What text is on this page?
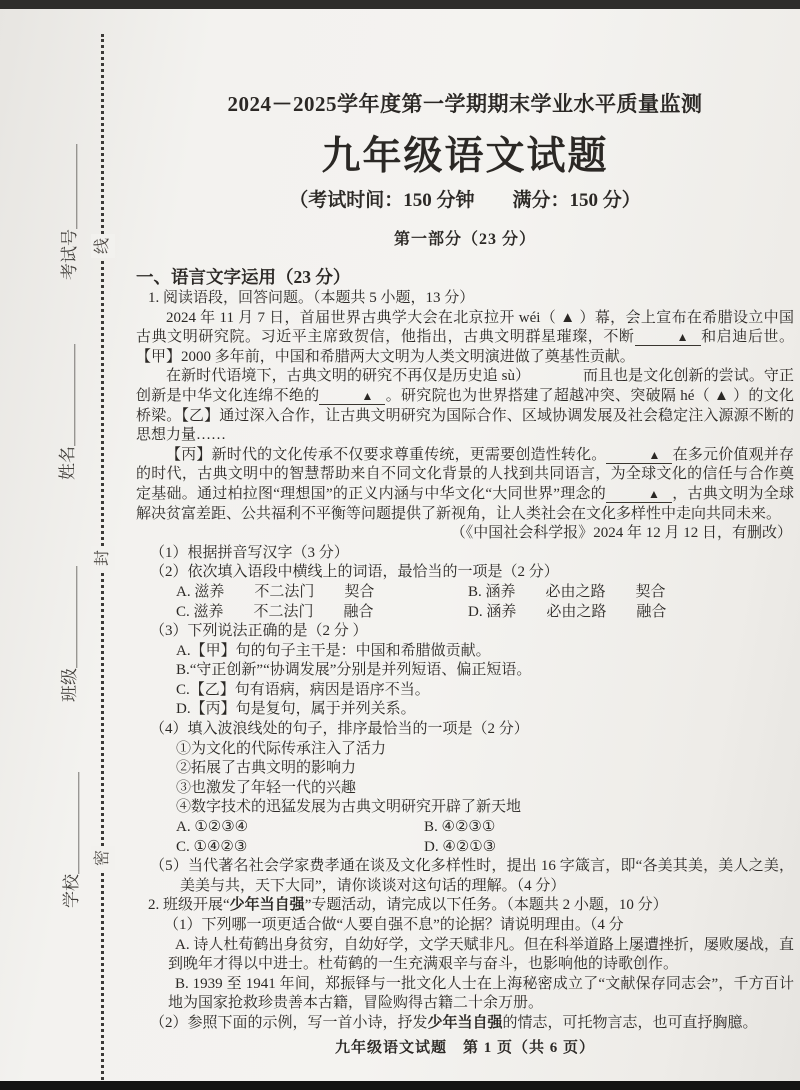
线
封
密
考试号＿＿＿＿＿
姓名＿＿＿＿＿＿
班级＿＿＿＿＿＿
学校＿＿＿＿＿＿

2024－2025学年度第一学期期末学业水平质量监测

九年级语文试题

（考试时间：150 分钟　　满分：150 分）

第一部分（23 分）

一、语言文字运用（23 分）

1. 阅读语段，回答问题。（本题共 5 小题，13 分）

2024 年 11 月 7 日，首届世界古典学大会在北京拉开 wéi（ ▲ ）幕，会上宣布在希腊设立中国古典文明研究院。习近平主席致贺信，他指出，古典文明群星璀璨，不断	▲ 和启迪后世。【甲】2000 多年前，中国和希腊两大文明为人类文明演进做了奠基性贡献。

在新时代语境下，古典文明的研究不再仅是历史追 sù）　　　　而且也是文化创新的尝试。守正创新是中华文化连绵不绝的	▲ 。研究院也为世界搭建了超越冲突、突破隔 hé（ ▲ ）的文化桥梁。【乙】通过深入合作，让古典文明研究为国际合作、区域协调发展及社会稳定注入源源不断的思想力量……

【丙】新时代的文化传承不仅要求尊重传统，更需要创造性转化。	▲ 在多元价值观并存的时代，古典文明中的智慧帮助来自不同文化背景的人找到共同语言，为全球文化的信任与合作奠定基础。通过柏拉图“理想国”的正义内涵与中华文化“大同世界”理念的	▲ ，古典文明为全球解决贫富差距、公共福利不平衡等问题提供了新视角，让人类社会在文化多样性中走向共同未来。

（《中国社会科学报》2024 年 12 月 12 日，有删改）

（1）根据拼音写汉字（3 分）

（2）依次填入语段中横线上的词语，最恰当的一项是（2 分）

A. 滋养　　不二法门　　契合	B. 涵养　　必由之路　　契合
C. 滋养　　不二法门　　融合	D. 涵养　　必由之路　　融合

（3）下列说法正确的是（2 分 ）

A.【甲】句的句子主干是：中国和希腊做贡献。

B.“守正创新”“协调发展”分别是并列短语、偏正短语。

C.【乙】句有语病，病因是语序不当。

D.【丙】句是复句，属于并列关系。

（4）填入波浪线处的句子，排序最恰当的一项是（2 分）

①为文化的代际传承注入了活力

②拓展了古典文明的影响力

③也激发了年轻一代的兴趣

④数字技术的迅猛发展为古典文明研究开辟了新天地

A. ①②③④	B. ④②③①
C. ①④②③	D. ④②①③

（5）当代著名社会学家费孝通在谈及文化多样性时，提出 16 字箴言，即“各美其美，美人之美，美美与共，天下大同”，请你谈谈对这句话的理解。（4 分）

2. 班级开展“少年当自强”专题活动，请完成以下任务。（本题共 2 小题，10 分）

（1）下列哪一项更适合做“人要自强不息”的论据？请说明理由。（4 分

A. 诗人杜荀鹤出身贫穷，自幼好学，文学天赋非凡。但在科举道路上屡遭挫折，屡败屡战，直到晚年才得以中进士。杜荀鹤的一生充满艰辛与奋斗，也影响他的诗歌创作。

B. 1939 至 1941 年间，郑振铎与一批文化人士在上海秘密成立了“文献保存同志会”，千方百计地为国家抢救珍贵善本古籍，冒险购得古籍二十余万册。

（2）参照下面的示例，写一首小诗，抒发少年当自强的情志，可托物言志，也可直抒胸臆。

九年级语文试题　第 1 页（共 6 页）
